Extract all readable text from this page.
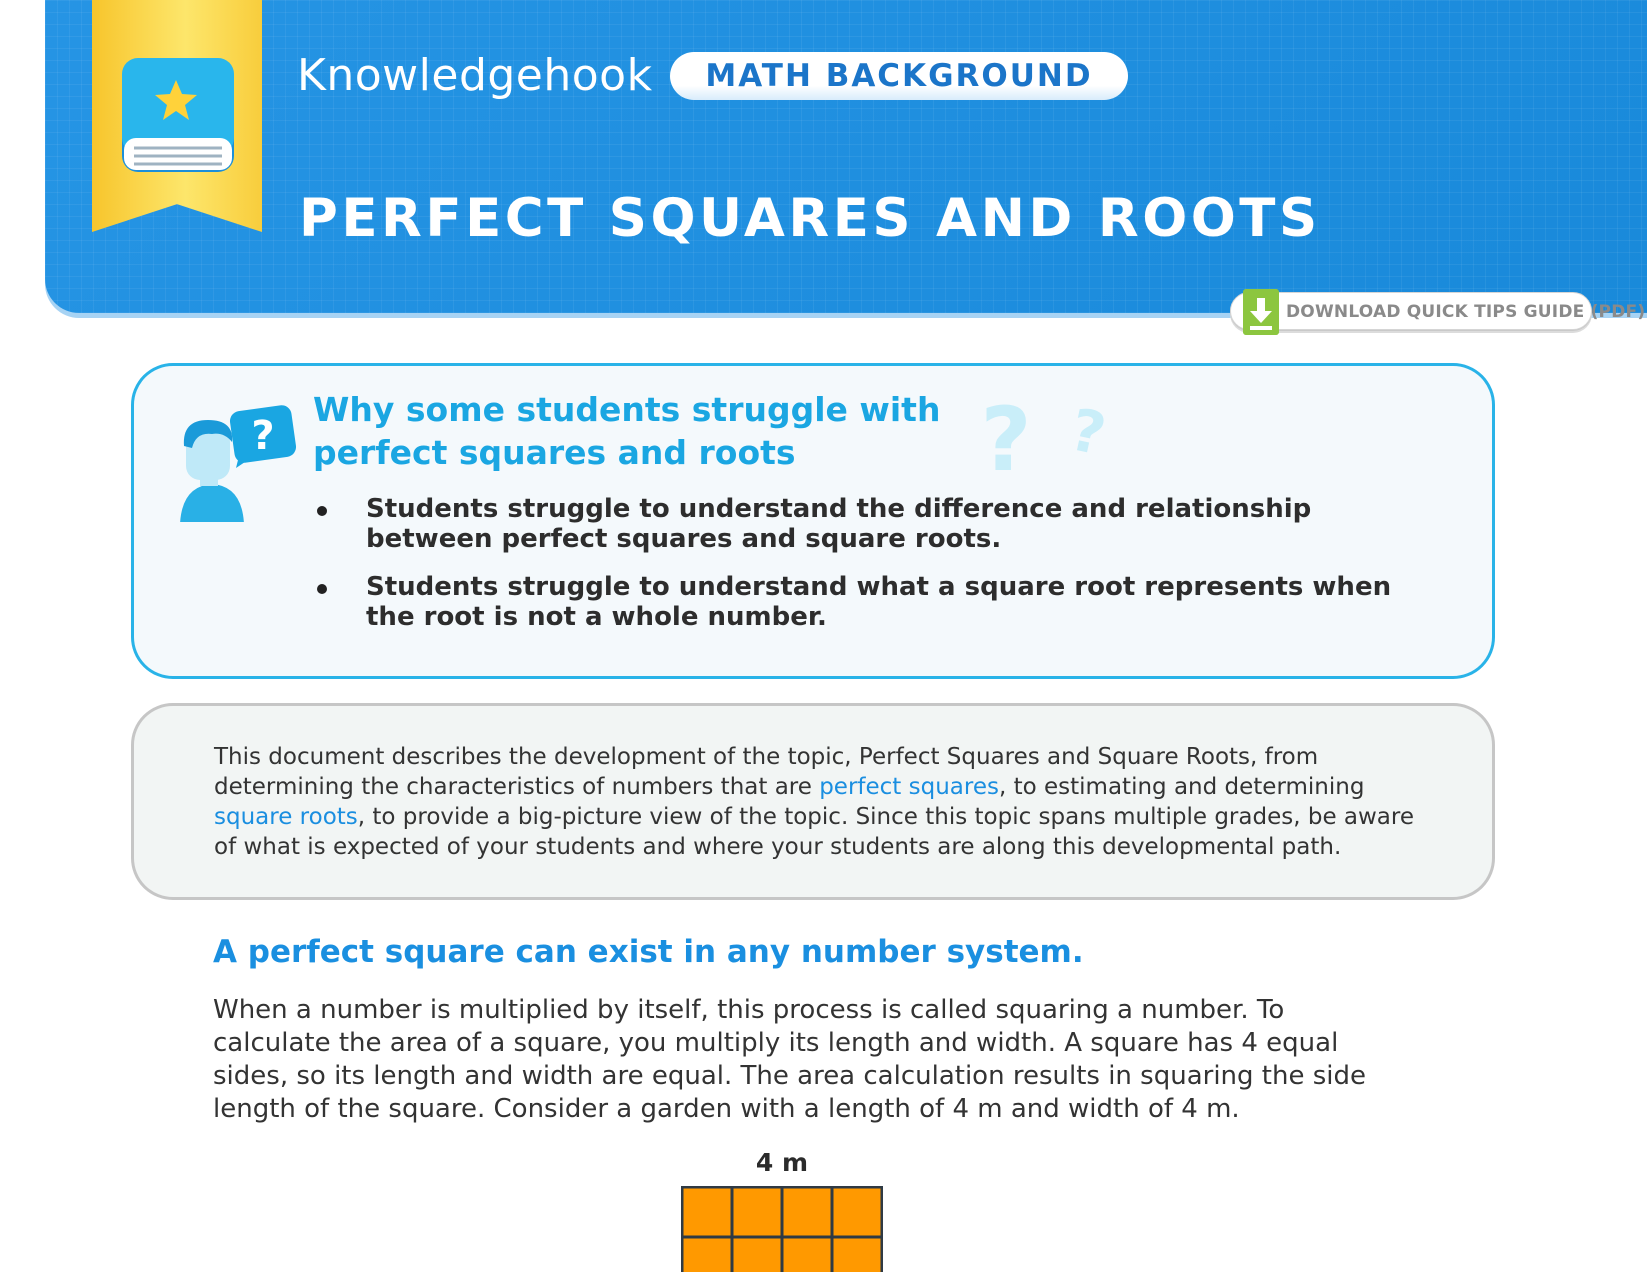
Knowledgehook	MATH BACKGROUND
PERFECT SQUARES AND ROOTS
DOWNLOAD QUICK TIPS GUIDE (PDF)
?	? ?
Why some students struggle with perfect squares and roots
Students struggle to understand the difference and relationship between perfect squares and square roots.
Students struggle to understand what a square root represents when the root is not a whole number.

This document describes the development of the topic, Perfect Squares and Square Roots, from determining the characteristics of numbers that are perfect squares, to estimating and determining square roots, to provide a big-picture view of the topic. Since this topic spans multiple grades, be aware of what is expected of your students and where your students are along this developmental path.

A perfect square can exist in any number system.

When a number is multiplied by itself, this process is called squaring a number. To calculate the area of a square, you multiply its length and width. A square has 4 equal sides, so its length and width are equal. The area calculation results in squaring the side length of the square. Consider a garden with a length of 4 m and width of 4 m.

4 m
